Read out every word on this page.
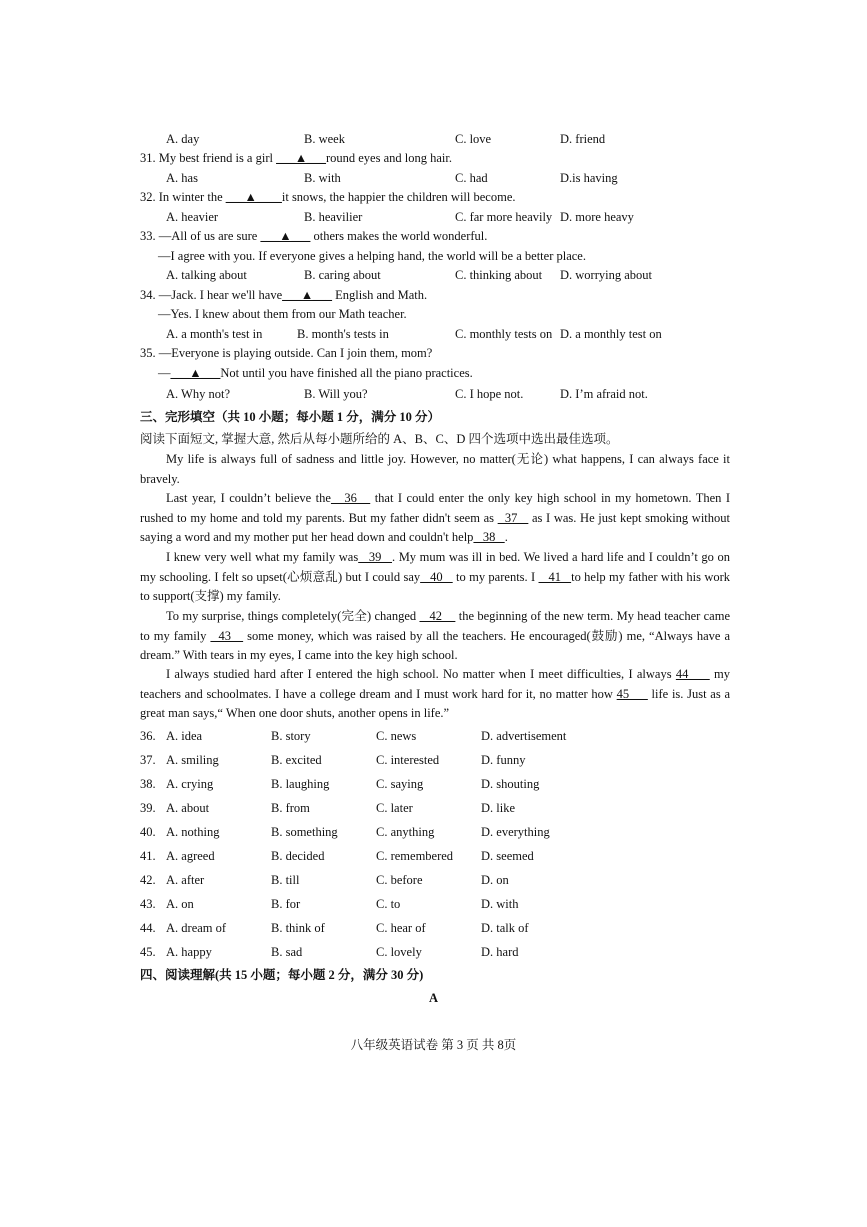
A. day	B. week	C. love	D. friend
31. My best friend is a girl ___▲___round eyes and long hair.
A. has	B. with	C. had	D.is having
32. In winter the ___▲____it snows, the happier the children will become.
A. heavier	B. heavilier	C. far more heavily D. more heavy
33. —All of us are sure ___▲___ others makes the world wonderful.
—I agree with you. If everyone gives a helping hand, the world will be a better place.
A. talking about	B. caring about	C. thinking about D. worrying about
34. —Jack. I hear we'll have___▲___ English and Math.
—Yes. I knew about them from our Math teacher.
A. a month's test in	B. month's tests in	C. monthly tests on D. a monthly test on
35. —Everyone is playing outside. Can I join them, mom?
—___▲___Not until you have finished all the piano practices.
A. Why not?	B. Will you?	C. I hope not.	D. I’m afraid not.
三、完形填空（共 10 小题；每小题 1 分，满分 10 分）
阅读下面短文, 掌握大意, 然后从每小题所给的 A、B、C、D 四个选项中选出最佳选项。
My life is always full of sadness and little joy. However, no matter(无论) what happens, I can always face it bravely.
Last year, I couldn’t believe the   36    that I could enter the only key high school in my hometown. Then I rushed to my home and told my parents. But my father didn't seem as   37    as I was. He just kept smoking without saying a word and my mother put her head down and couldn't help   38   .
I knew very well what my family was   39   . My mum was ill in bed. We lived a hard life and I couldn’t go on my schooling. I felt so upset(心烦意乱) but I could say   40    to my parents. I    41   to help my father with his work to support(支撑) my family.
To my surprise, things completely(完全) changed    42     the beginning of the new term. My head teacher came to my family   43    some money, which was raised by all the teachers. He encouraged(鼓励) me, “Always have a dream.” With tears in my eyes, I came into the key high school.
I always studied hard after I entered the high school. No matter when I meet difficulties, I always 44      my teachers and schoolmates. I have a college dream and I must work hard for it, no matter how 45      life is. Just as a great man says,“ When one door shuts, another opens in life.”
36. A. idea	B. story	C. news	D. advertisement
37. A. smiling	B. excited	C. interested	D. funny
38. A. crying	B. laughing	C. saying	D. shouting
39. A. about	B. from	C. later	D. like
40. A. nothing	B. something	C. anything	D. everything
41. A. agreed	B. decided	C. remembered D. seemed
42. A. after	B. till	C. before	D. on
43. A. on	B. for	C. to	D. with
44. A. dream of	B. think of	C. hear of	D. talk of
45. A. happy	B. sad	C. lovely	D. hard
四、阅读理解(共 15 小题；每小题 2 分，满分 30 分)
A
八年级英语试卷 第 3 页 共 8页
